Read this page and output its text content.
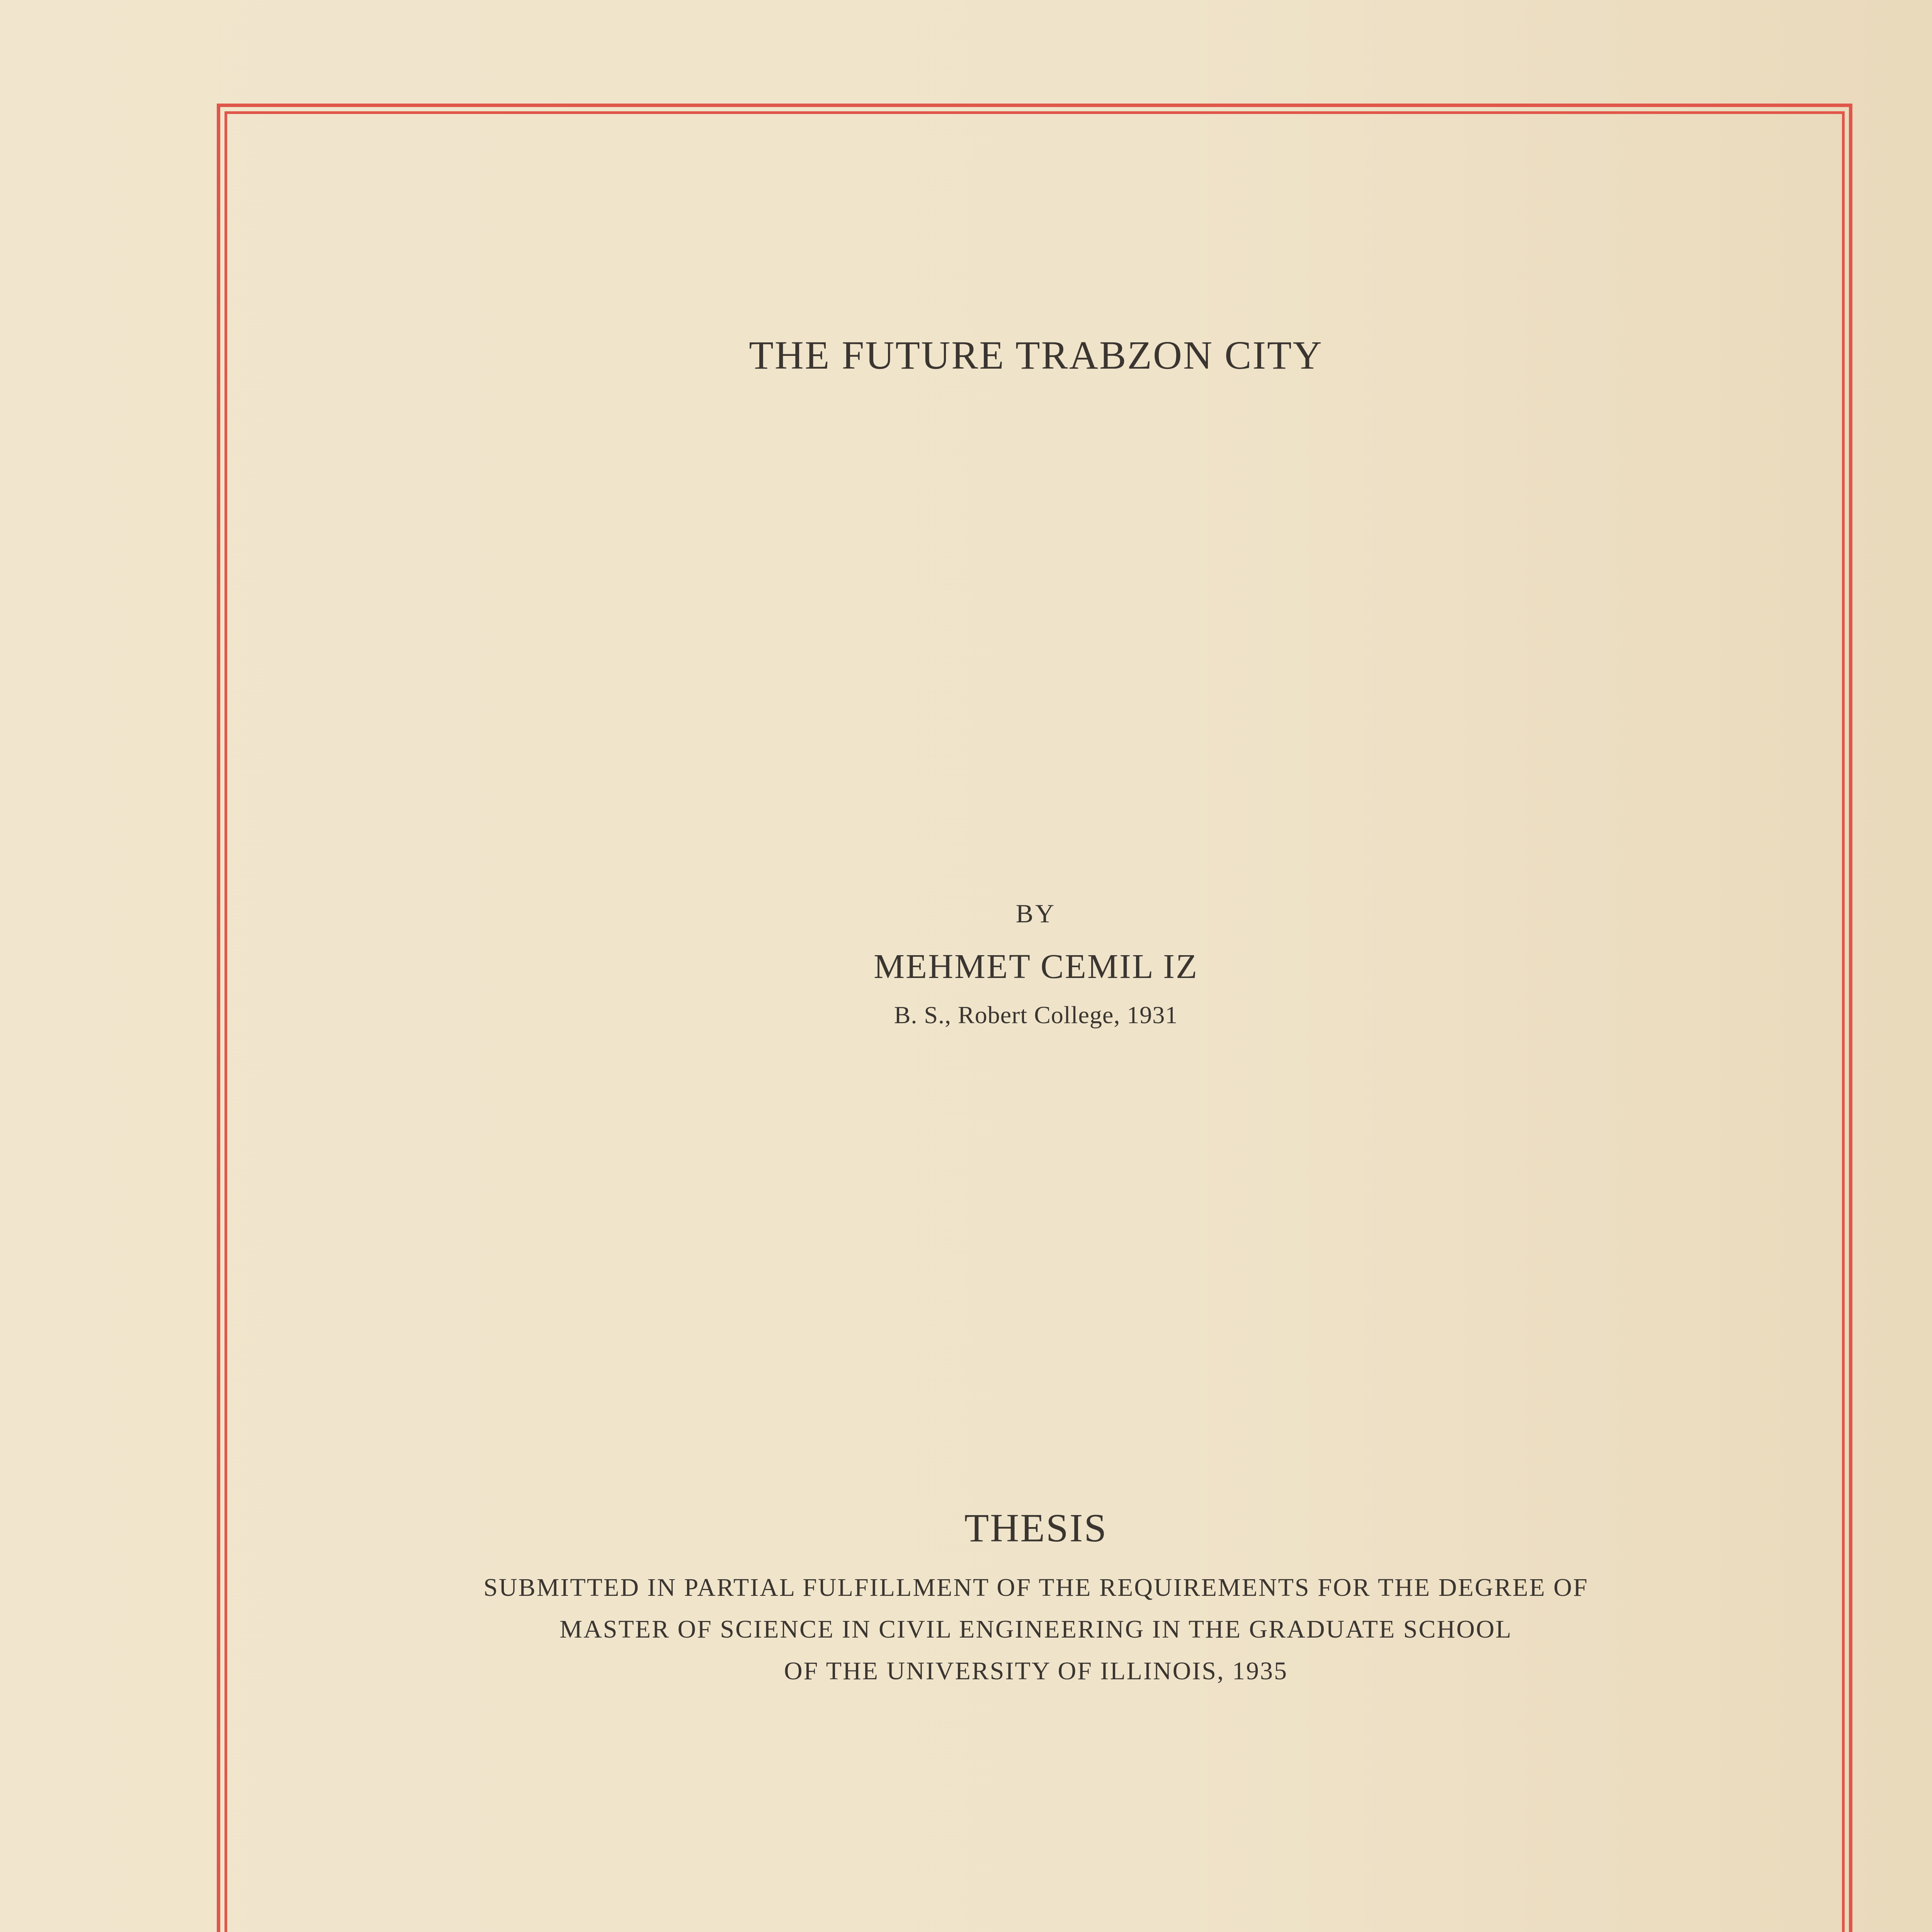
THE FUTURE TRABZON CITY
BY
MEHMET CEMIL IZ
B. S., Robert College, 1931
THESIS
SUBMITTED IN PARTIAL FULFILLMENT OF THE REQUIREMENTS FOR THE DEGREE OF
MASTER OF SCIENCE IN CIVIL ENGINEERING IN THE GRADUATE SCHOOL
OF THE UNIVERSITY OF ILLINOIS, 1935
